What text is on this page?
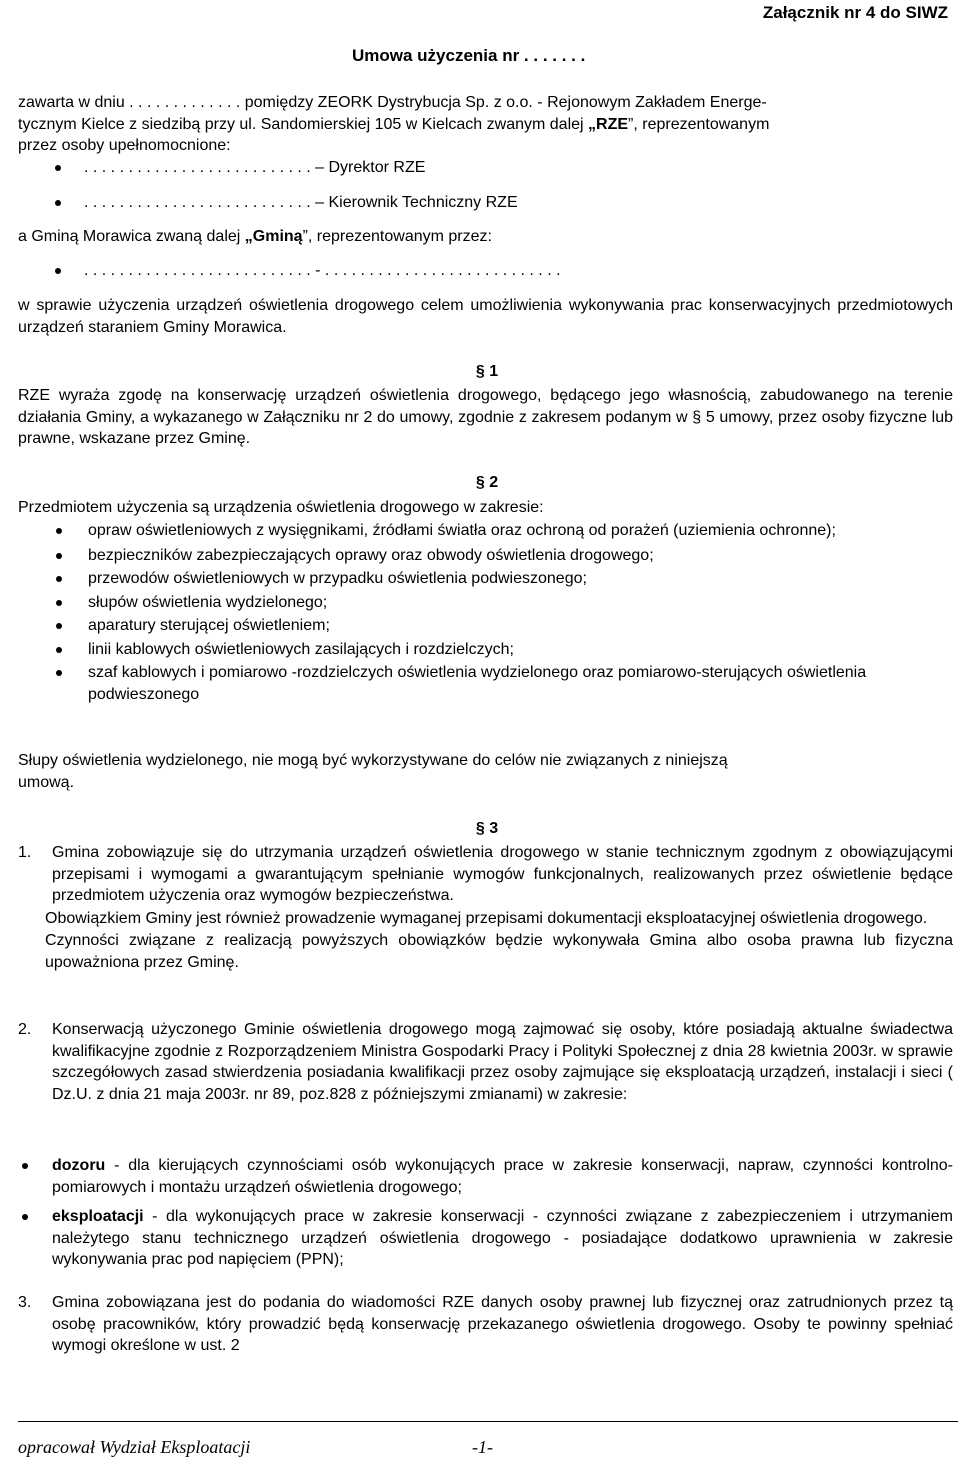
Załącznik nr 4 do SIWZ
Umowa użyczenia nr . . . . . . .
zawarta w dniu . . . . . . . . . . . . . pomiędzy ZEORK Dystrybucja Sp. z o.o. - Rejonowym Zakładem Energe-
tycznym Kielce z siedzibą przy ul. Sandomierskiej 105 w Kielcach zwanym dalej „RZE”, reprezentowanym
przez osoby upełnomocnione:
. . . . . . . . . . . . . . . . . . . . . . . . . . – Dyrektor RZE
. . . . . . . . . . . . . . . . . . . . . . . . . . – Kierownik Techniczny RZE
a Gminą Morawica zwaną dalej „Gminą”, reprezentowanym przez:
. . . . . . . . . . . . . . . . . . . . . . . . . . - . . . . . . . . . . . . . . . . . . . . . . . . . . .
w sprawie użyczenia urządzeń oświetlenia drogowego celem umożliwienia wykonywania prac konserwacyjnych przedmiotowych urządzeń staraniem Gminy Morawica.
§ 1
RZE wyraża zgodę na konserwację urządzeń oświetlenia drogowego, będącego jego własnością, zabudowanego na terenie działania Gminy, a wykazanego w Załączniku nr 2 do umowy, zgodnie z zakresem podanym w § 5 umowy, przez osoby fizyczne lub prawne, wskazane przez Gminę.
§ 2
Przedmiotem użyczenia są urządzenia oświetlenia drogowego w zakresie:
opraw oświetleniowych z wysięgnikami, źródłami światła oraz ochroną od porażeń (uziemienia ochronne);
bezpieczników zabezpieczających oprawy oraz obwody oświetlenia drogowego;
przewodów oświetleniowych w przypadku oświetlenia podwieszonego;
słupów oświetlenia wydzielonego;
aparatury sterującej oświetleniem;
linii kablowych oświetleniowych zasilających i rozdzielczych;
szaf kablowych i pomiarowo -rozdzielczych oświetlenia wydzielonego oraz pomiarowo-sterujących oświetlenia podwieszonego
Słupy oświetlenia wydzielonego, nie mogą być wykorzystywane do celów nie związanych z niniejszą umową.
§ 3
1. Gmina zobowiązuje się do utrzymania urządzeń oświetlenia drogowego w stanie technicznym zgodnym z obowiązującymi przepisami i wymogami a gwarantującym spełnianie wymogów funkcjonalnych, realizowanych przez oświetlenie będące przedmiotem użyczenia oraz wymogów bezpieczeństwa.
Obowiązkiem Gminy jest również prowadzenie wymaganej przepisami dokumentacji eksploatacyjnej oświetlenia drogowego.
Czynności związane z realizacją powyższych obowiązków będzie wykonywała Gmina albo osoba prawna lub fizyczna upoważniona przez Gminę.
2. Konserwacją użyczonego Gminie oświetlenia drogowego mogą zajmować się osoby, które posiadają aktualne świadectwa kwalifikacyjne zgodnie z Rozporządzeniem Ministra Gospodarki Pracy i Polityki Społecznej z dnia 28 kwietnia 2003r. w sprawie szczegółowych zasad stwierdzenia posiadania kwalifikacji przez osoby zajmujące się eksploatacją urządzeń, instalacji i sieci ( Dz.U. z dnia 21 maja 2003r. nr 89, poz.828 z późniejszymi zmianami) w zakresie:
dozoru - dla kierujących czynnościami osób wykonujących prace w zakresie konserwacji, napraw, czynności kontrolno-pomiarowych i montażu urządzeń oświetlenia drogowego;
eksploatacji - dla wykonujących prace w zakresie konserwacji - czynności związane z zabezpieczeniem i utrzymaniem należytego stanu technicznego urządzeń oświetlenia drogowego - posiadające dodatkowo uprawnienia w zakresie wykonywania prac pod napięciem (PPN);
3. Gmina zobowiązana jest do podania do wiadomości RZE danych osoby prawnej lub fizycznej oraz zatrudnionych przez tą osobę pracowników, który prowadzić będą konserwację przekazanego oświetlenia drogowego. Osoby te powinny spełniać wymogi określone w ust. 2
opracował Wydział Eksploatacji	-1-
